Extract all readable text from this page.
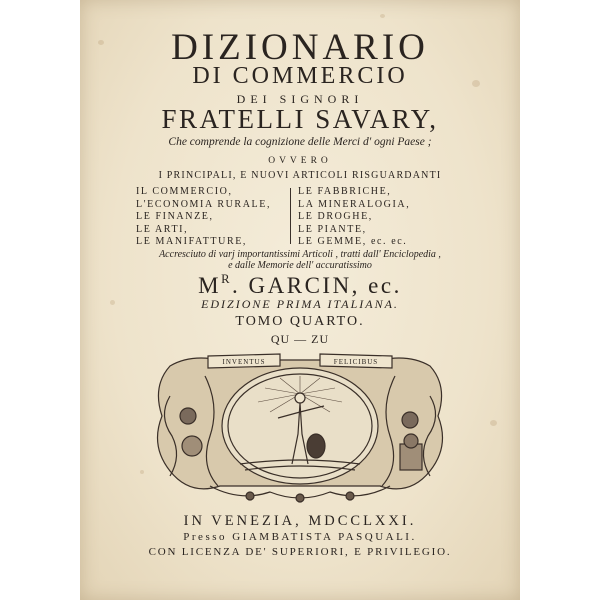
DIZIONARIO
DI COMMERCIO
DEI SIGNORI
FRATELLI SAVARY,
Che comprende la cognizione delle Merci d' ogni Paese ;
OVVERO
I PRINCIPALI, E NUOVI ARTICOLI RISGUARDANTI
IL COMMERCIO,
L'ECONOMIA RURALE,
LE FINANZE,
LE ARTI,
LE MANIFATTURE,
LE FABBRICHE,
LA MINERALOGIA,
LE DROGHE,
LE PIANTE,
LE GEMME, ec. ec.
Accresciuto di varj importantissimi Articoli , tratti dall' Enciclopedia ,
e dalle Memorie dell' accuratissimo
$M^R$. GARCIN, ec.
EDIZIONE PRIMA ITALIANA.
TOMO QUARTO.
QU — ZU
INVENTUS	FELICIBUS
IN VENEZIA, MDCCLXXI.
Presso GIAMBATISTA PASQUALI.
CON LICENZA DE' SUPERIORI, E PRIVILEGIO.
